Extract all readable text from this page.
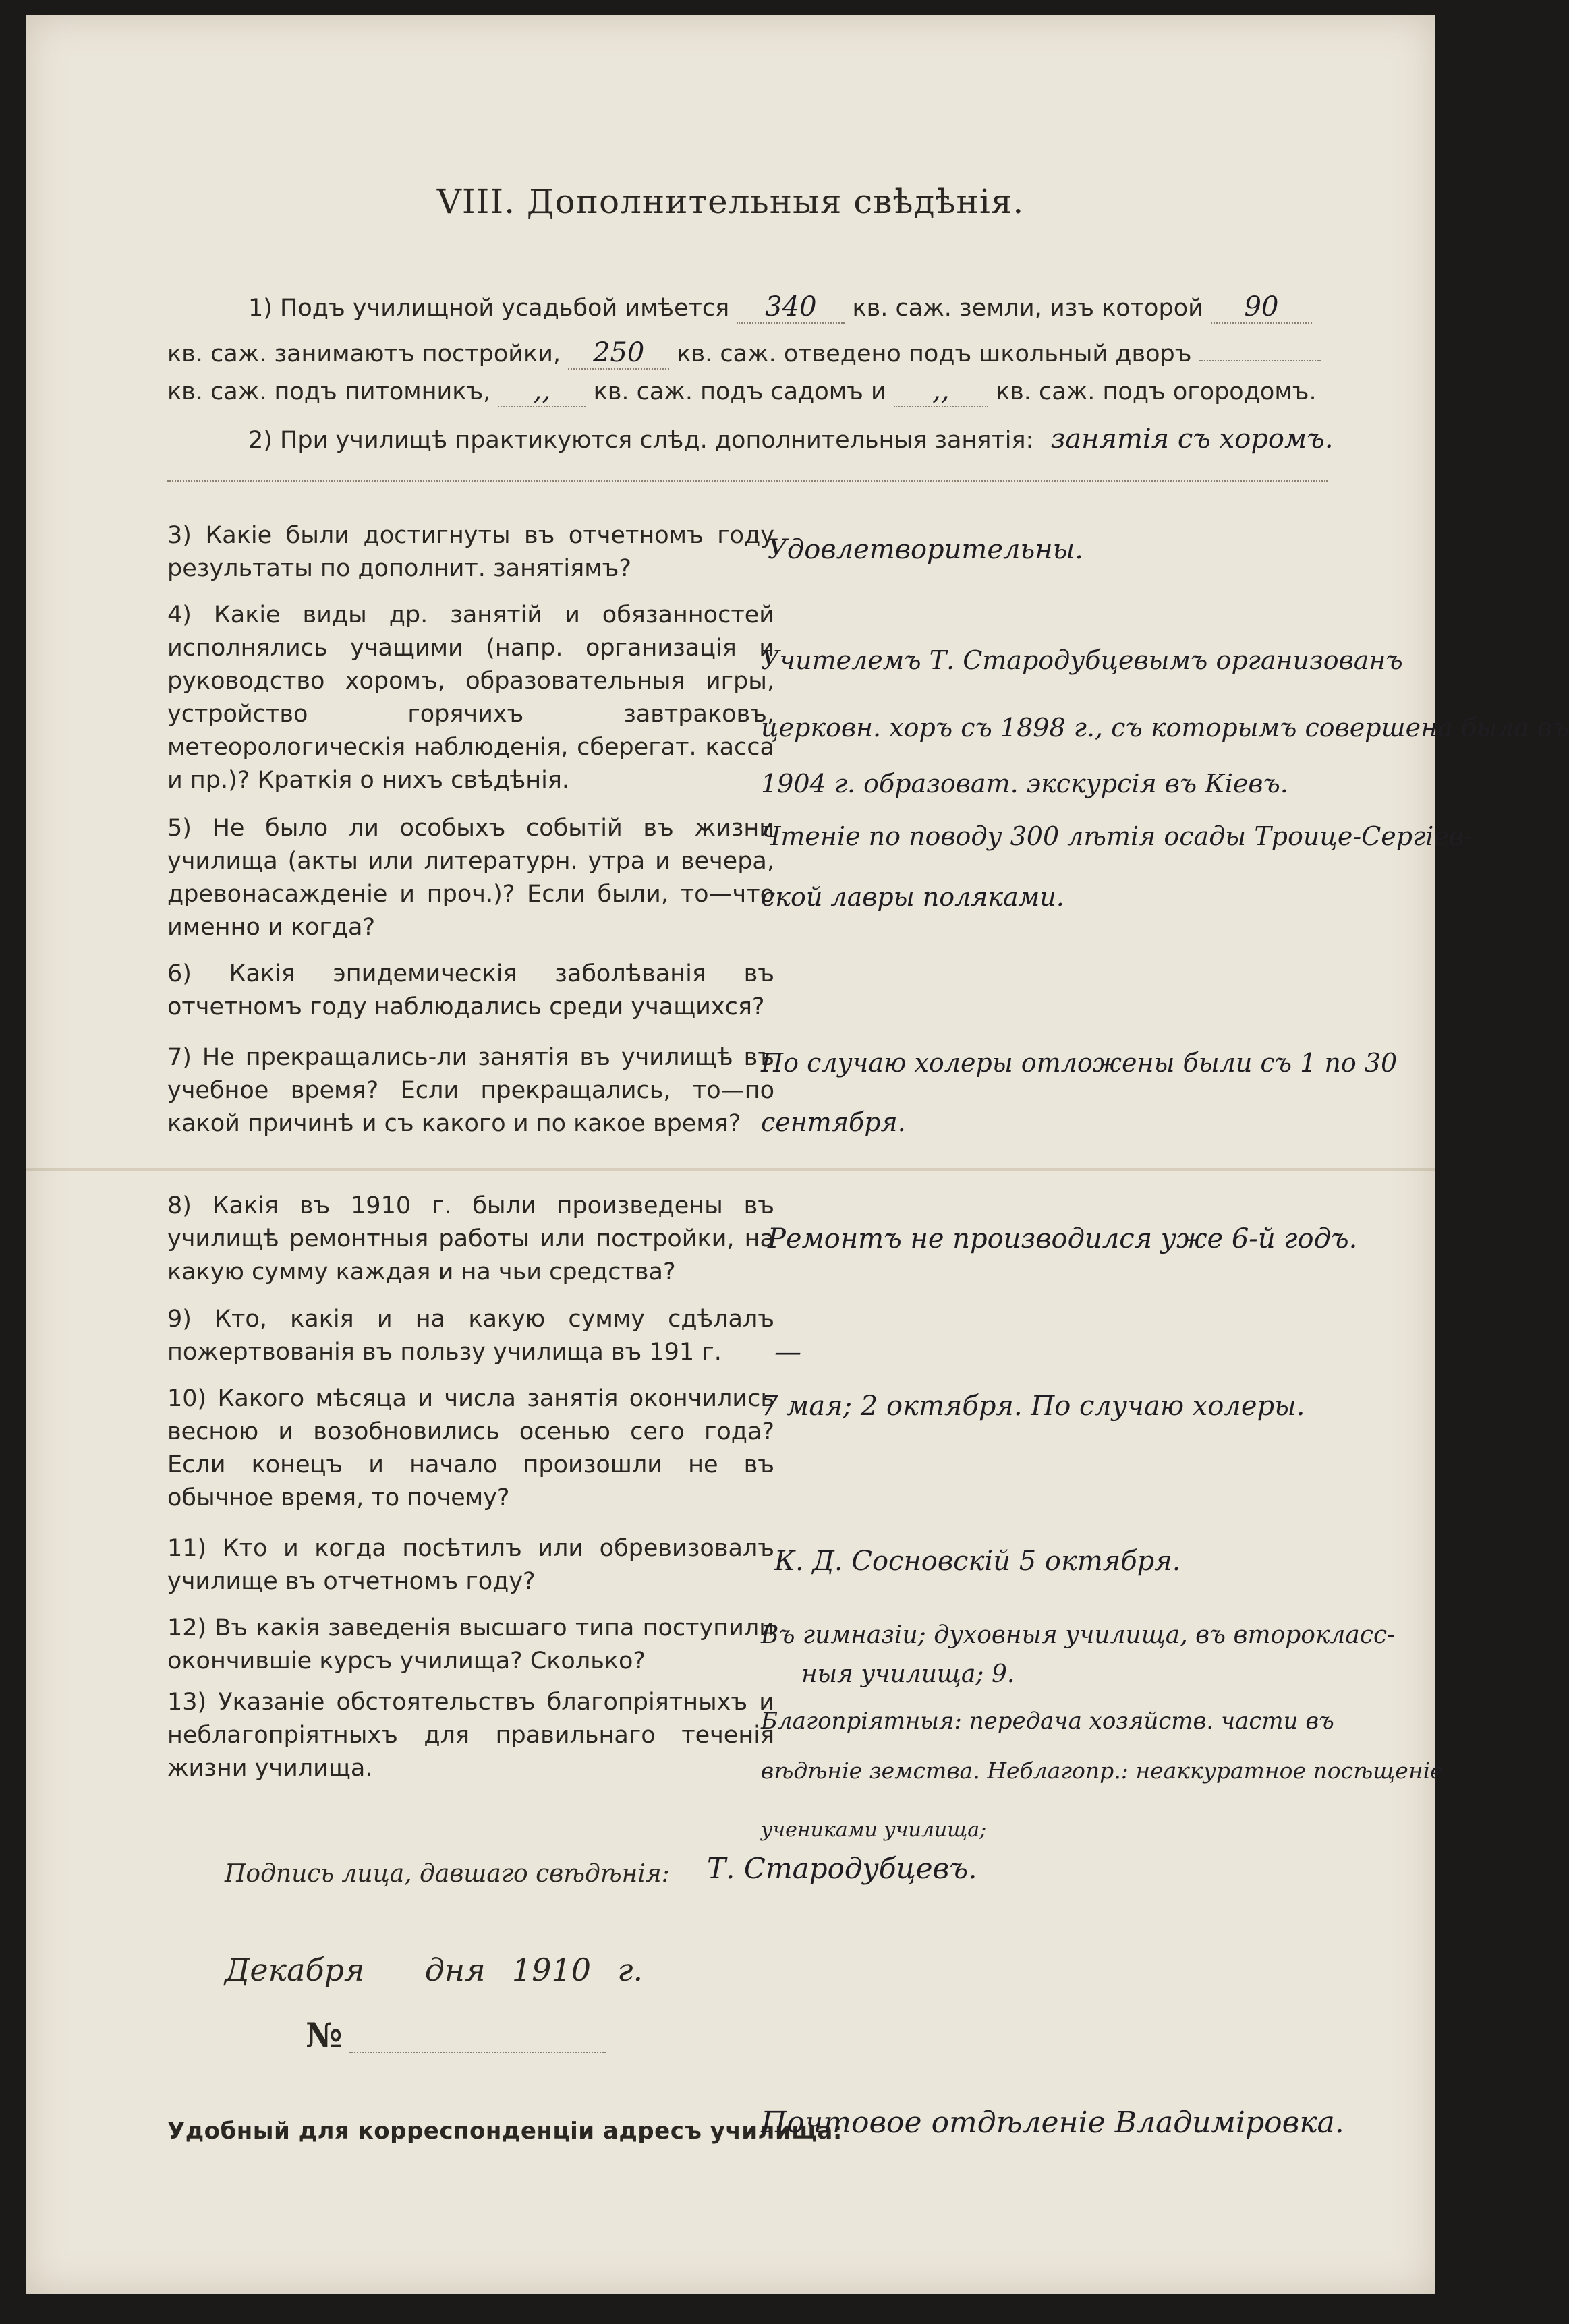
VIII. Дополнительныя свѣдѣнія.
1) Подъ училищной усадьбой имѣется 340 кв. саж. земли, изъ которой 90
кв. саж. занимаютъ постройки, 250 кв. саж. отведено подъ школьный дворъ
кв. саж. подъ питомникъ, ,, кв. саж. подъ садомъ и ,, кв. саж. подъ огородомъ.
2) При училищѣ практикуются слѣд. дополнительныя занятія: занятія съ хоромъ.
3) Какіе были достигнуты въ отчетномъ году результаты по дополнит. занятіямъ?
Удовлетворительны.
4) Какіе виды др. занятій и обязанностей исполнялись учащими (напр. организація и руководство хоромъ, образовательныя игры, устройство горячихъ завтраковъ, метеорологическія наблюденія, сберегат. касса и пр.)? Краткія о нихъ свѣдѣнія.
Учителемъ Т. Стародубцевымъ организованъ
церковн. хоръ съ 1898 г., съ которымъ совершена была въ
1904 г. образоват. экскурсія въ Кіевъ.
5) Не было ли особыхъ событій въ жизни училища (акты или литературн. утра и вечера, древонасажденіе и проч.)? Если были, то—что именно и когда?
Чтеніе по поводу 300 лѣтія осады Троице-Сергіев-
ской лавры поляками.
6) Какія эпидемическія заболѣванія въ отчетномъ году наблюдались среди учащихся?
7) Не прекращались-ли занятія въ училищѣ въ учебное время? Если прекращались, то—по какой причинѣ и съ какого и по какое время?
По случаю холеры отложены были съ 1 по 30
сентября.
8) Какія въ 1910 г. были произведены въ училищѣ ремонтныя работы или постройки, на какую сумму каждая и на чьи средства?
Ремонтъ не производился уже 6-й годъ.
9) Кто, какія и на какую сумму сдѣлалъ пожертвованія въ пользу училища въ 191 г.	—
10) Какого мѣсяца и числа занятія окончились весною и возобновились осенью сего года? Если конецъ и начало произошли не въ обычное время, то почему?
7 мая; 2 октября. По случаю холеры.
11) Кто и когда посѣтилъ или обревизовалъ училище въ отчетномъ году?
К. Д. Сосновскій 5 октября.
12) Въ какія заведенія высшаго типа поступили окончившіе курсъ училища? Сколько?
Въ гимназіи; духовныя училища, въ второкласс-
ныя училища; 9.
13) Указаніе обстоятельствъ благопріятныхъ и неблагопріятныхъ для правильнаго теченія жизни училища.
Благопріятныя: передача хозяйств. части въ
вѣдѣніе земства. Неблагопр.: неаккуратное посѣщеніе
учениками училища;
Подпись лица, давшаго свѣдѣнія: Т. Стародубцевъ.
Декабря дня 1910 г.
№
Удобный для корреспонденціи адресъ училища:
Почтовое отдѣленіе Владиміровка.
